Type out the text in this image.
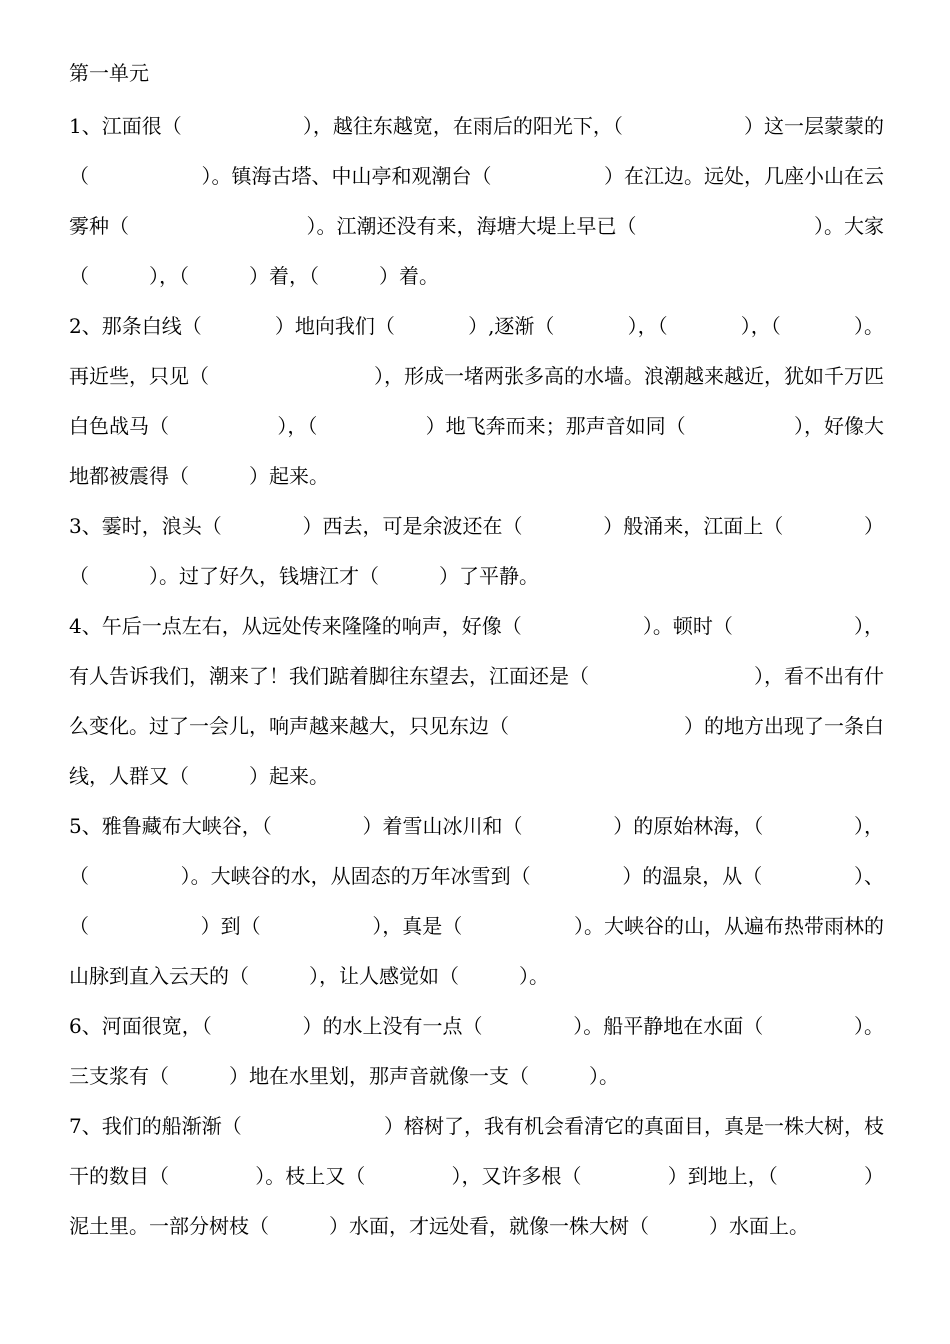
第一单元
1、江面很（	），越往东越宽，在雨后的阳光下，（	）这一层蒙蒙的
（	）。镇海古塔、中山亭和观潮台（	）在江边。远处，几座小山在云
雾种（	）。江潮还没有来，海塘大堤上早已（	）。大家
（	），（	）着，（	）着。
2、那条白线（	）地向我们（	）,逐渐（	），（	），（	）。
再近些，只见（	），形成一堵两张多高的水墙。浪潮越来越近，犹如千万匹
白色战马（	），（	）地飞奔而来；那声音如同（	），好像大
地都被震得（	）起来。
3、霎时，浪头（	）西去，可是余波还在（	）般涌来，江面上（	）
（	）。过了好久，钱塘江才（	）了平静。
4、午后一点左右，从远处传来隆隆的响声，好像（	）。顿时（	），
有人告诉我们，潮来了！我们踮着脚往东望去，江面还是（	），看不出有什
么变化。过了一会儿，响声越来越大，只见东边（	）的地方出现了一条白
线，人群又（	）起来。
5、雅鲁藏布大峡谷，（	）着雪山冰川和（	）的原始林海，（	），
（	）。大峡谷的水，从固态的万年冰雪到（	）的温泉，从（	）、
（	）到（	），真是（	）。大峡谷的山，从遍布热带雨林的
山脉到直入云天的（	），让人感觉如（	）。
6、河面很宽，（	）的水上没有一点（	）。船平静地在水面（	）。
三支浆有（	）地在水里划，那声音就像一支（	）。
7、我们的船渐渐（	）榕树了，我有机会看清它的真面目，真是一株大树，枝
干的数目（	）。枝上又（	），又许多根（	）到地上，（	）
泥土里。一部分树枝（	）水面，才远处看，就像一株大树（	）水面上。
